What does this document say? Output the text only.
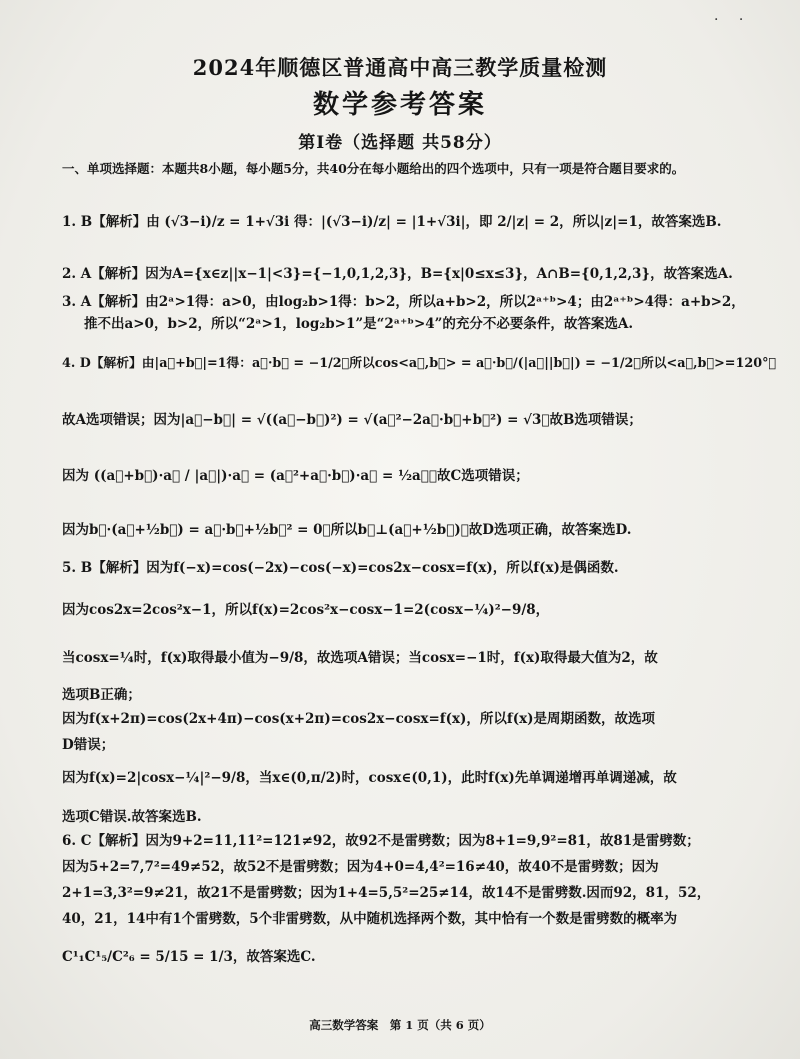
· ·
2024年顺德区普通高中高三教学质量检测
数学参考答案
第Ⅰ卷（选择题 共58分）
一、单项选择题：本题共8小题，每小题5分，共40分在每小题给出的四个选项中，只有一项是符合题目要求的。
1. B【解析】由 (√3−i)/z = 1+√3i 得：|(√3−i)/z| = |1+√3i|，即 2/|z| = 2，所以|z|=1，故答案选B.
2. A【解析】因为A={x∈z||x−1|<3}={−1,0,1,2,3}，B={x|0≤x≤3}，A∩B={0,1,2,3}，故答案选A.
3. A【解析】由2ᵃ>1得：a>0，由log₂b>1得：b>2，所以a+b>2，所以2ᵃ⁺ᵇ>4；由2ᵃ⁺ᵇ>4得：a+b>2，
推不出a>0，b>2，所以“2ᵃ>1，log₂b>1”是“2ᵃ⁺ᵇ>4”的充分不必要条件，故答案选A.
4. D【解析】由|a⃗+b⃗|=1得：a⃗·b⃗ = −1/2，所以cos<a⃗,b⃗> = a⃗·b⃗/(|a⃗||b⃗|) = −1/2，所以<a⃗,b⃗>=120°，
故A选项错误；因为|a⃗−b⃗| = √((a⃗−b⃗)²) = √(a⃗²−2a⃗·b⃗+b⃗²) = √3，故B选项错误；
因为 ((a⃗+b⃗)·a⃗ / |a⃗|)·a⃗ = (a⃗²+a⃗·b⃗)·a⃗ = ½a⃗，故C选项错误；
因为b⃗·(a⃗+½b⃗) = a⃗·b⃗+½b⃗² = 0，所以b⃗⊥(a⃗+½b⃗)，故D选项正确，故答案选D.
5. B【解析】因为f(−x)=cos(−2x)−cos(−x)=cos2x−cosx=f(x)，所以f(x)是偶函数.
因为cos2x=2cos²x−1，所以f(x)=2cos²x−cosx−1=2(cosx−¼)²−9/8，
当cosx=¼时，f(x)取得最小值为−9/8，故选项A错误；当cosx=−1时，f(x)取得最大值为2，故
选项B正确；
因为f(x+2π)=cos(2x+4π)−cos(x+2π)=cos2x−cosx=f(x)，所以f(x)是周期函数，故选项
D错误；
因为f(x)=2|cosx−¼|²−9/8，当x∈(0,π/2)时，cosx∈(0,1)，此时f(x)先单调递增再单调递减，故
选项C错误.故答案选B.
6. C【解析】因为9+2=11,11²=121≠92，故92不是雷劈数；因为8+1=9,9²=81，故81是雷劈数；
因为5+2=7,7²=49≠52，故52不是雷劈数；因为4+0=4,4²=16≠40，故40不是雷劈数；因为
2+1=3,3²=9≠21，故21不是雷劈数；因为1+4=5,5²=25≠14，故14不是雷劈数.因而92，81，52，
40，21，14中有1个雷劈数，5个非雷劈数，从中随机选择两个数，其中恰有一个数是雷劈数的概率为
C¹₁C¹₅/C²₆ = 5/15 = 1/3，故答案选C.
高三数学答案　第 1 页（共 6 页）
